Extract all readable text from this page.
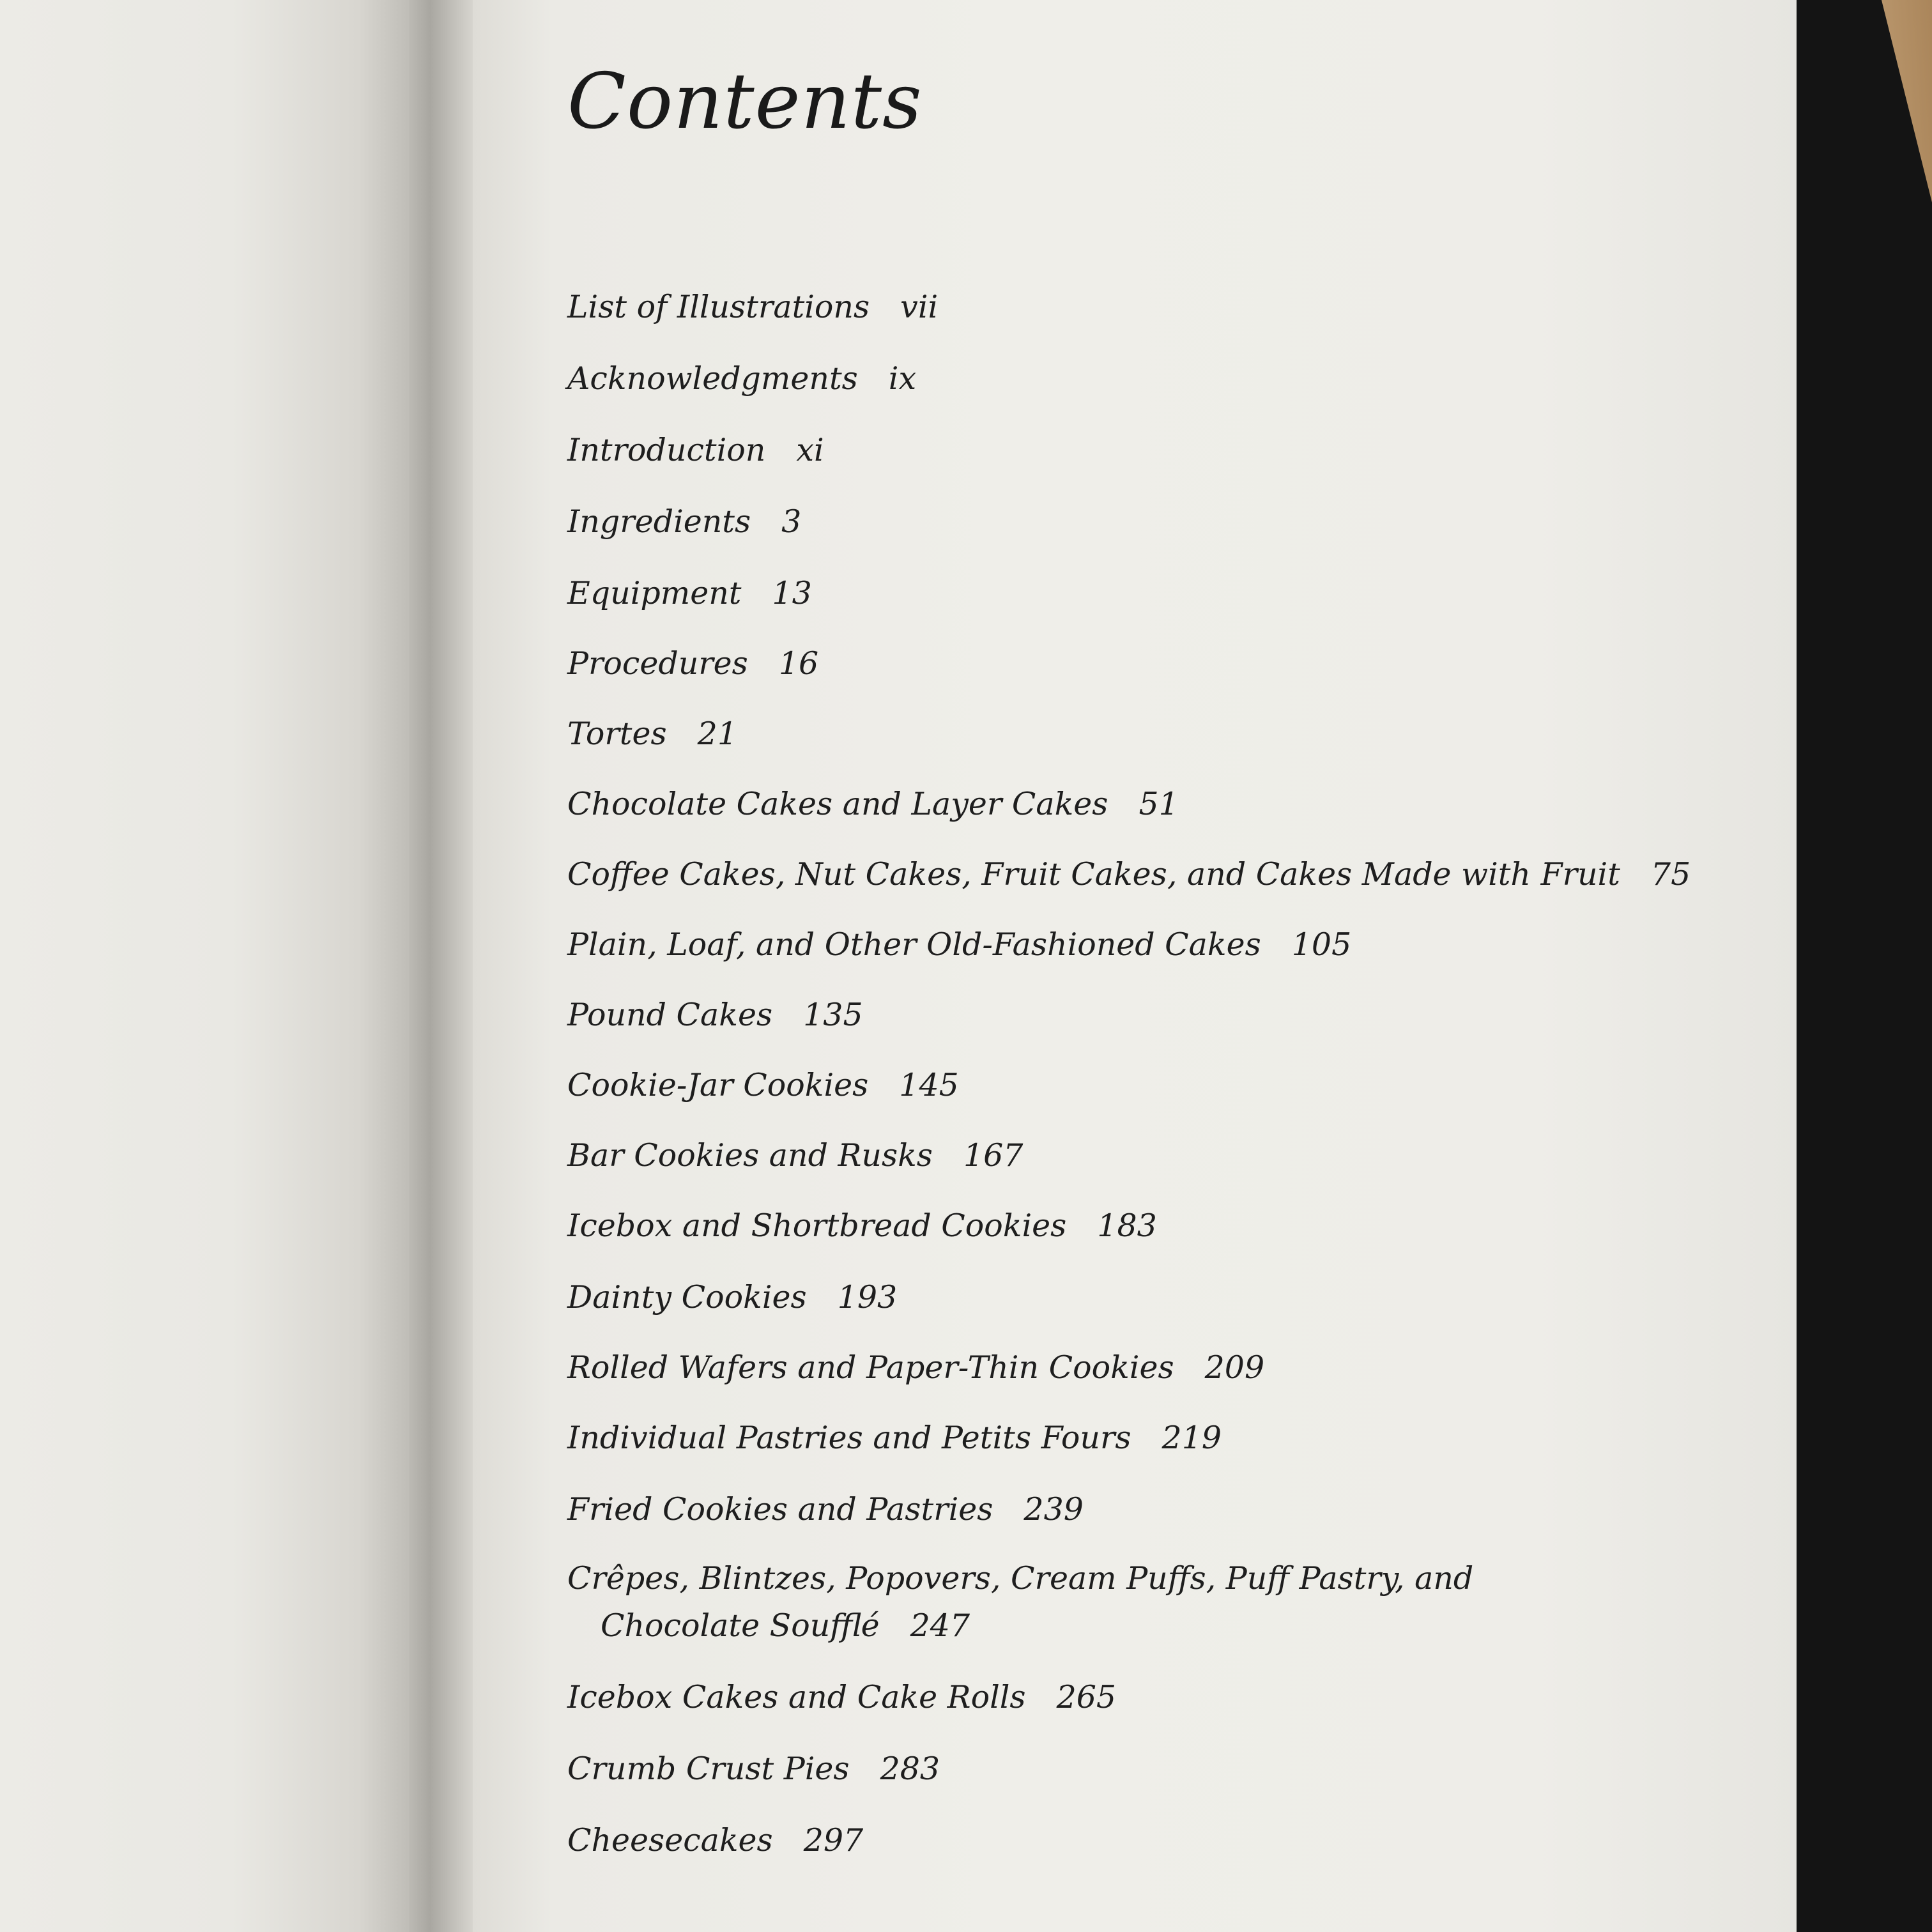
Contents
List of Illustrations vii
Acknowledgments ix
Introduction xi
Ingredients 3
Equipment 13
Procedures 16
Tortes 21
Chocolate Cakes and Layer Cakes 51
Coffee Cakes, Nut Cakes, Fruit Cakes, and Cakes Made with Fruit 75
Plain, Loaf, and Other Old-Fashioned Cakes 105
Pound Cakes 135
Cookie-Jar Cookies 145
Bar Cookies and Rusks 167
Icebox and Shortbread Cookies 183
Dainty Cookies 193
Rolled Wafers and Paper-Thin Cookies 209
Individual Pastries and Petits Fours 219
Fried Cookies and Pastries 239
Crêpes, Blintzes, Popovers, Cream Puffs, Puff Pastry, and
Chocolate Soufflé 247
Icebox Cakes and Cake Rolls 265
Crumb Crust Pies 283
Cheesecakes 297
